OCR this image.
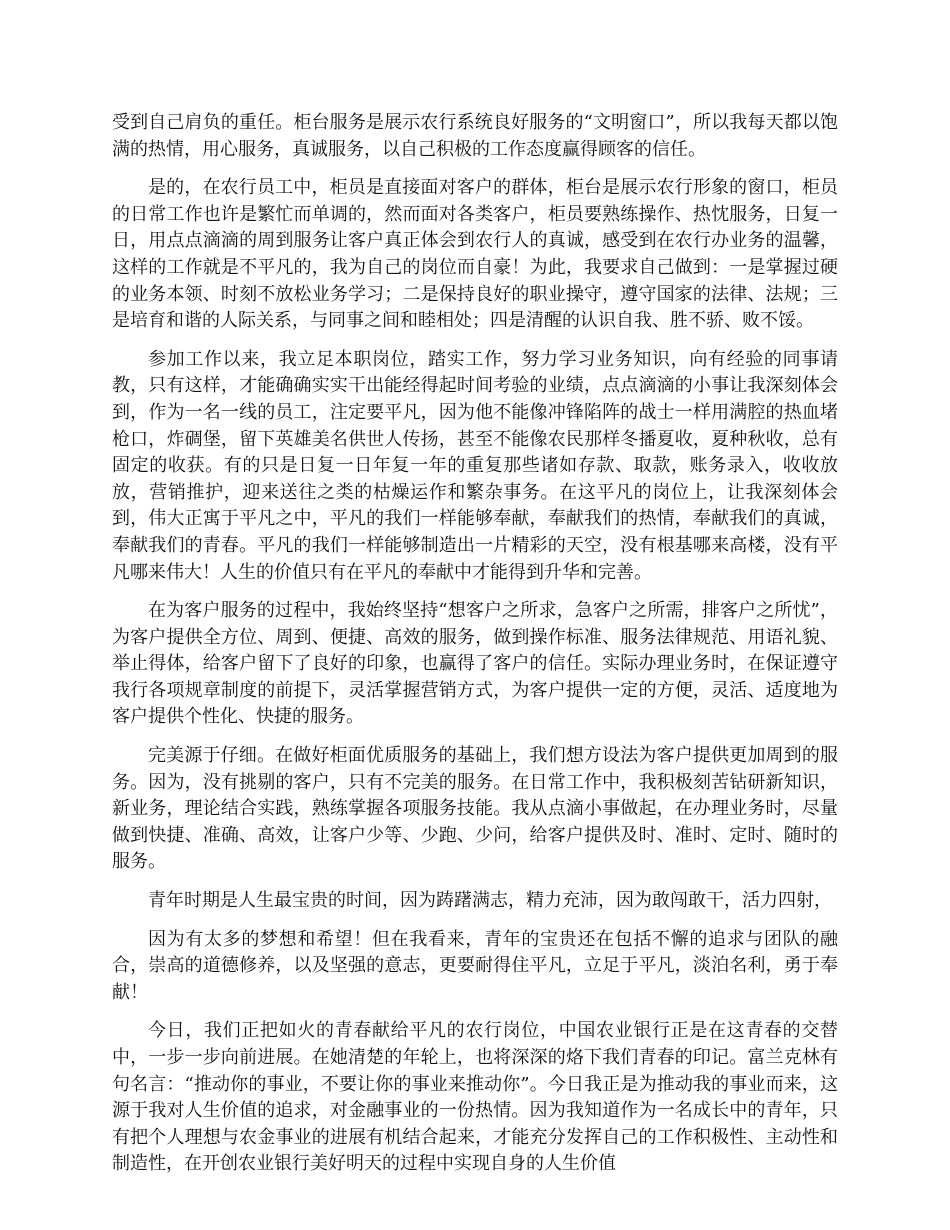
受到自己肩负的重任。柜台服务是展示农行系统良好服务的“文明窗口”，所以我每天都以饱满的热情，用心服务，真诚服务，以自己积极的工作态度赢得顾客的信任。

是的，在农行员工中，柜员是直接面对客户的群体，柜台是展示农行形象的窗口，柜员的日常工作也许是繁忙而单调的，然而面对各类客户，柜员要熟练操作、热忱服务，日复一日，用点点滴滴的周到服务让客户真正体会到农行人的真诚，感受到在农行办业务的温馨，这样的工作就是不平凡的，我为自己的岗位而自豪！为此，我要求自己做到：一是掌握过硬的业务本领、时刻不放松业务学习；二是保持良好的职业操守，遵守国家的法律、法规；三是培育和谐的人际关系，与同事之间和睦相处；四是清醒的认识自我、胜不骄、败不馁。

参加工作以来，我立足本职岗位，踏实工作，努力学习业务知识，向有经验的同事请教，只有这样，才能确确实实干出能经得起时间考验的业绩，点点滴滴的小事让我深刻体会到，作为一名一线的员工，注定要平凡，因为他不能像冲锋陷阵的战士一样用满腔的热血堵枪口，炸碉堡，留下英雄美名供世人传扬，甚至不能像农民那样冬播夏收，夏种秋收，总有固定的收获。有的只是日复一日年复一年的重复那些诸如存款、取款，账务录入，收收放放，营销推护，迎来送往之类的枯燥运作和繁杂事务。在这平凡的岗位上，让我深刻体会到，伟大正寓于平凡之中，平凡的我们一样能够奉献，奉献我们的热情，奉献我们的真诚，奉献我们的青春。平凡的我们一样能够制造出一片精彩的天空，没有根基哪来高楼，没有平凡哪来伟大！人生的价值只有在平凡的奉献中才能得到升华和完善。

在为客户服务的过程中，我始终坚持“想客户之所求，急客户之所需，排客户之所忧”，为客户提供全方位、周到、便捷、高效的服务，做到操作标准、服务法律规范、用语礼貌、举止得体，给客户留下了良好的印象，也赢得了客户的信任。实际办理业务时，在保证遵守我行各项规章制度的前提下，灵活掌握营销方式，为客户提供一定的方便，灵活、适度地为客户提供个性化、快捷的服务。

完美源于仔细。在做好柜面优质服务的基础上，我们想方设法为客户提供更加周到的服务。因为，没有挑剔的客户，只有不完美的服务。在日常工作中，我积极刻苦钻研新知识，新业务，理论结合实践，熟练掌握各项服务技能。我从点滴小事做起，在办理业务时，尽量做到快捷、准确、高效，让客户少等、少跑、少问，给客户提供及时、准时、定时、随时的服务。

青年时期是人生最宝贵的时间，因为踌躇满志，精力充沛，因为敢闯敢干，活力四射，

因为有太多的梦想和希望！但在我看来，青年的宝贵还在包括不懈的追求与团队的融合，崇高的道德修养，以及坚强的意志，更要耐得住平凡，立足于平凡，淡泊名利，勇于奉献！

今日，我们正把如火的青春献给平凡的农行岗位，中国农业银行正是在这青春的交替中，一步一步向前进展。在她清楚的年轮上，也将深深的烙下我们青春的印记。富兰克林有句名言：“推动你的事业，不要让你的事业来推动你”。今日我正是为推动我的事业而来，这源于我对人生价值的追求，对金融事业的一份热情。因为我知道作为一名成长中的青年，只有把个人理想与农金事业的进展有机结合起来，才能充分发挥自己的工作积极性、主动性和制造性，在开创农业银行美好明天的过程中实现自身的人生价值
